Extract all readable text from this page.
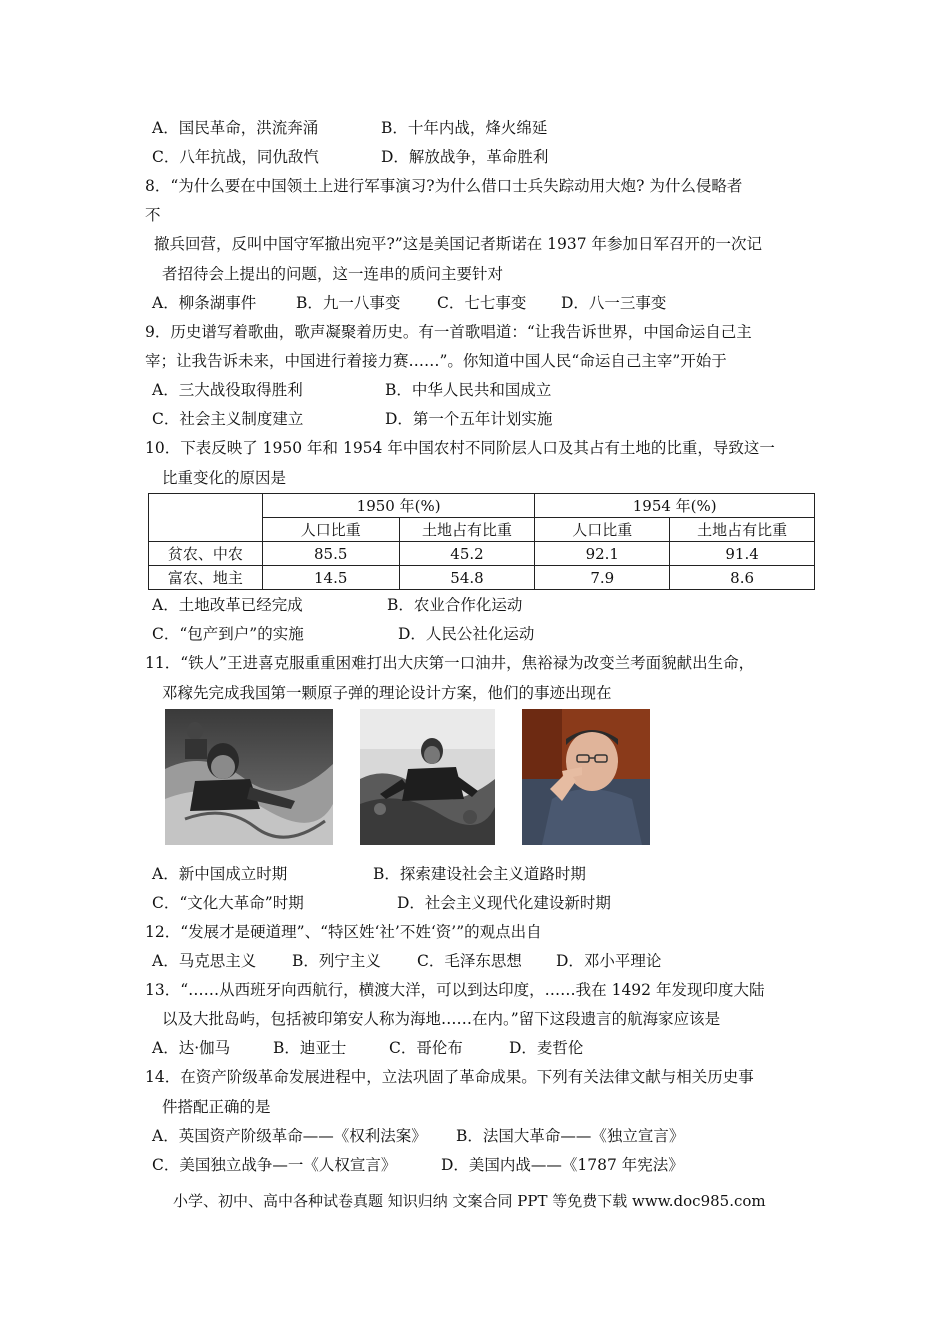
A．国民革命，洪流奔涌	B．十年内战，烽火绵延
C．八年抗战，同仇敌忾	D．解放战争，革命胜利
8．“为什么要在中国领土上进行军事演习?为什么借口士兵失踪动用大炮? 为什么侵略者
不
撤兵回营，反叫中国守军撤出宛平?”这是美国记者斯诺在 1937 年参加日军召开的一次记
者招待会上提出的问题，这一连串的质问主要针对
A．柳条湖事件	B．九一八事变 C．七七事变 D．八一三事变
9．历史谱写着歌曲，歌声凝聚着历史。有一首歌唱道：“让我告诉世界，中国命运自己主
宰；让我告诉未来，中国进行着接力赛……”。你知道中国人民“命运自己主宰”开始于
A．三大战役取得胜利	B．中华人民共和国成立
C．社会主义制度建立	D．第一个五年计划实施
10．下表反映了 1950 年和 1954 年中国农村不同阶层人口及其占有土地的比重，导致这一
比重变化的原因是
	1950 年(%)		1954 年(%)	
	人口比重	土地占有比重	人口比重	土地占有比重
贫农、中农	85.5	45.2	92.1	91.4
富农、地主	14.5	54.8	7.9	8.6
A．土地改革已经完成	B．农业合作化运动
C．“包产到户”的实施	D．人民公社化运动
11．“铁人”王进喜克服重重困难打出大庆第一口油井，焦裕禄为改变兰考面貌献出生命，
邓稼先完成我国第一颗原子弹的理论设计方案，他们的事迹出现在
A．新中国成立时期	B．探索建设社会主义道路时期
C．“文化大革命”时期	D．社会主义现代化建设新时期
12．“发展才是硬道理”、“特区姓‘社’不姓‘资’”的观点出自
A．马克思主义 B．列宁主义 C．毛泽东思想 D．邓小平理论
13．“……从西班牙向西航行，横渡大洋，可以到达印度，……我在 1492 年发现印度大陆
以及大批岛屿，包括被印第安人称为海地……在内。”留下这段遗言的航海家应该是
A．达·伽马	B．迪亚士	C．哥伦布	D．麦哲伦
14．在资产阶级革命发展进程中，立法巩固了革命成果。下列有关法律文献与相关历史事
件搭配正确的是
A．英国资产阶级革命——《权利法案》 B．法国大革命——《独立宣言》
C．美国独立战争—一《人权宣言》	D．美国内战——《1787 年宪法》
小学、初中、高中各种试卷真题 知识归纳 文案合同 PPT 等免费下载 www.doc985.com
